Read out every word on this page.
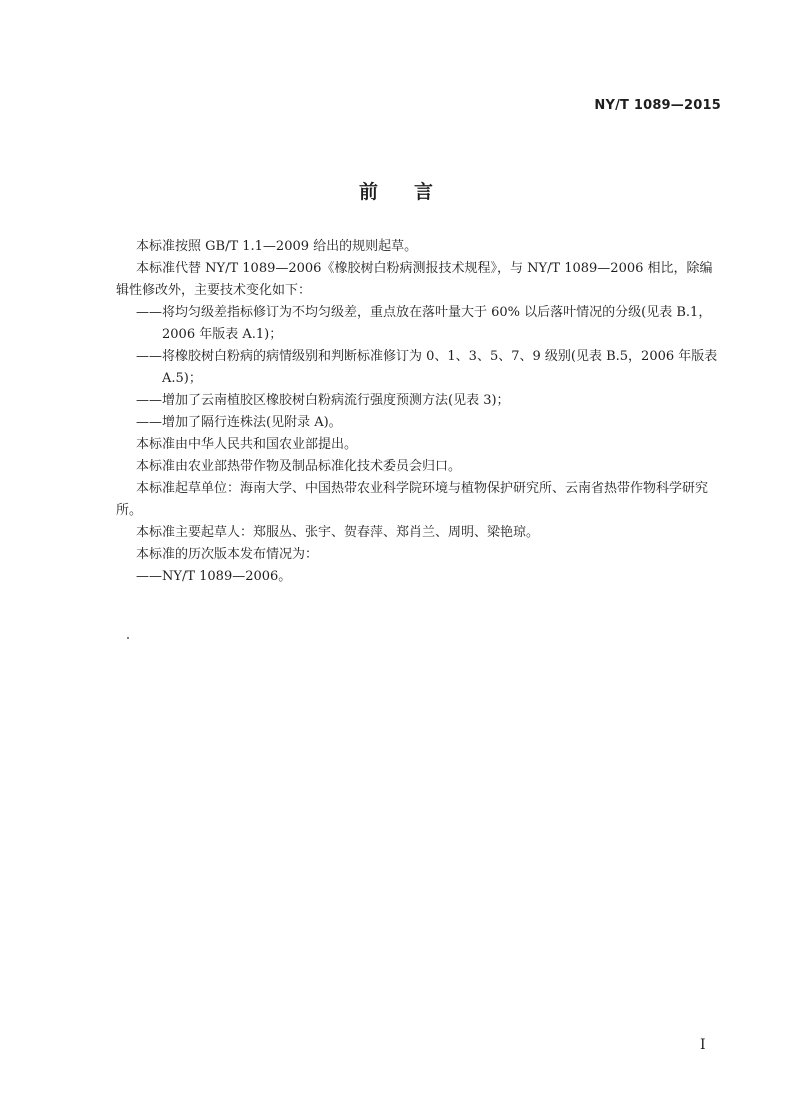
NY/T 1089—2015
前言

本标准按照 GB/T 1.1—2009 给出的规则起草。

本标准代替 NY/T 1089—2006《橡胶树白粉病测报技术规程》，与 NY/T 1089—2006 相比，除编辑性修改外，主要技术变化如下：

—— 将均匀级差指标修订为不均匀级差，重点放在落叶量大于 60% 以后落叶情况的分级(见表 B.1，2006 年版表 A.1)；

—— 将橡胶树白粉病的病情级别和判断标准修订为 0、1、3、5、7、9 级别(见表 B.5，2006 年版表 A.5)；

—— 增加了云南植胶区橡胶树白粉病流行强度预测方法(见表 3)；

—— 增加了隔行连株法(见附录 A)。

本标准由中华人民共和国农业部提出。

本标准由农业部热带作物及制品标准化技术委员会归口。

本标准起草单位：海南大学、中国热带农业科学院环境与植物保护研究所、云南省热带作物科学研究所。

本标准主要起草人：郑服丛、张宇、贺春萍、郑肖兰、周明、梁艳琼。

本标准的历次版本发布情况为：

—— NY/T 1089—2006。

I
